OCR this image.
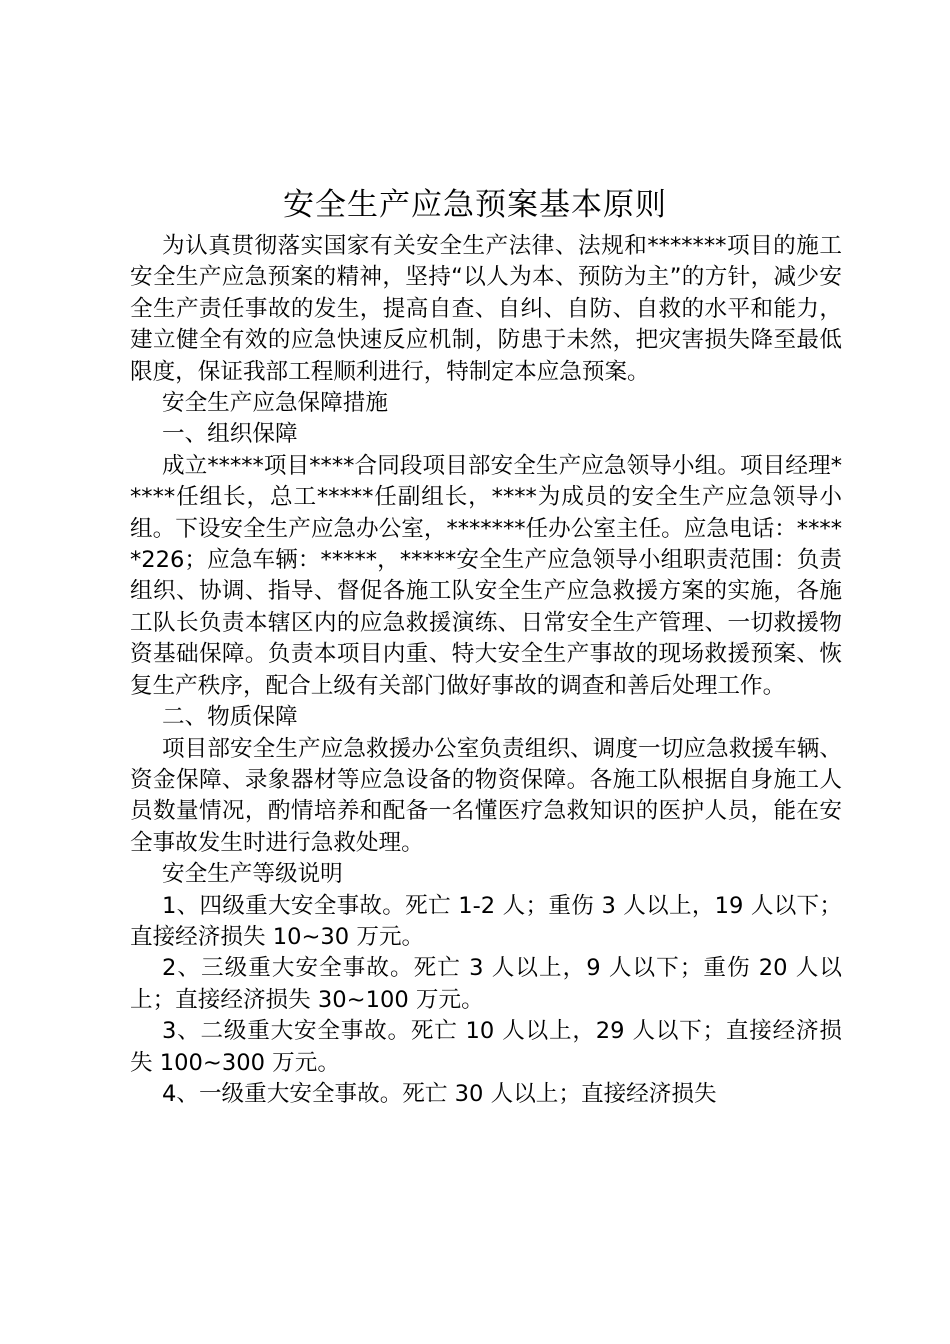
安全生产应急预案基本原则

为认真贯彻落实国家有关安全生产法律、法规和*******项目的施工安全生产应急预案的精神，坚持“以人为本、预防为主”的方针，减少安全生产责任事故的发生，提高自查、自纠、自防、自救的水平和能力，建立健全有效的应急快速反应机制，防患于未然，把灾害损失降至最低限度，保证我部工程顺利进行，特制定本应急预案。

安全生产应急保障措施

一、组织保障

成立*****项目****合同段项目部安全生产应急领导小组。项目经理*****任组长，总工*****任副组长，****为成员的安全生产应急领导小组。下设安全生产应急办公室，*******任办公室主任。应急电话：*****226；应急车辆：*****，*****安全生产应急领导小组职责范围：负责组织、协调、指导、督促各施工队安全生产应急救援方案的实施，各施工队长负责本辖区内的应急救援演练、日常安全生产管理、一切救援物资基础保障。负责本项目内重、特大安全生产事故的现场救援预案、恢复生产秩序，配合上级有关部门做好事故的调查和善后处理工作。

二、物质保障

项目部安全生产应急救援办公室负责组织、调度一切应急救援车辆、资金保障、录象器材等应急设备的物资保障。各施工队根据自身施工人员数量情况，酌情培养和配备一名懂医疗急救知识的医护人员，能在安全事故发生时进行急救处理。

安全生产等级说明

1、四级重大安全事故。死亡 1-2 人；重伤 3 人以上，19 人以下；直接经济损失 10~30 万元。

2、三级重大安全事故。死亡 3 人以上，9 人以下；重伤 20 人以上；直接经济损失 30~100 万元。

3、二级重大安全事故。死亡 10 人以上，29 人以下；直接经济损失 100~300 万元。

4、一级重大安全事故。死亡 30 人以上；直接经济损失
